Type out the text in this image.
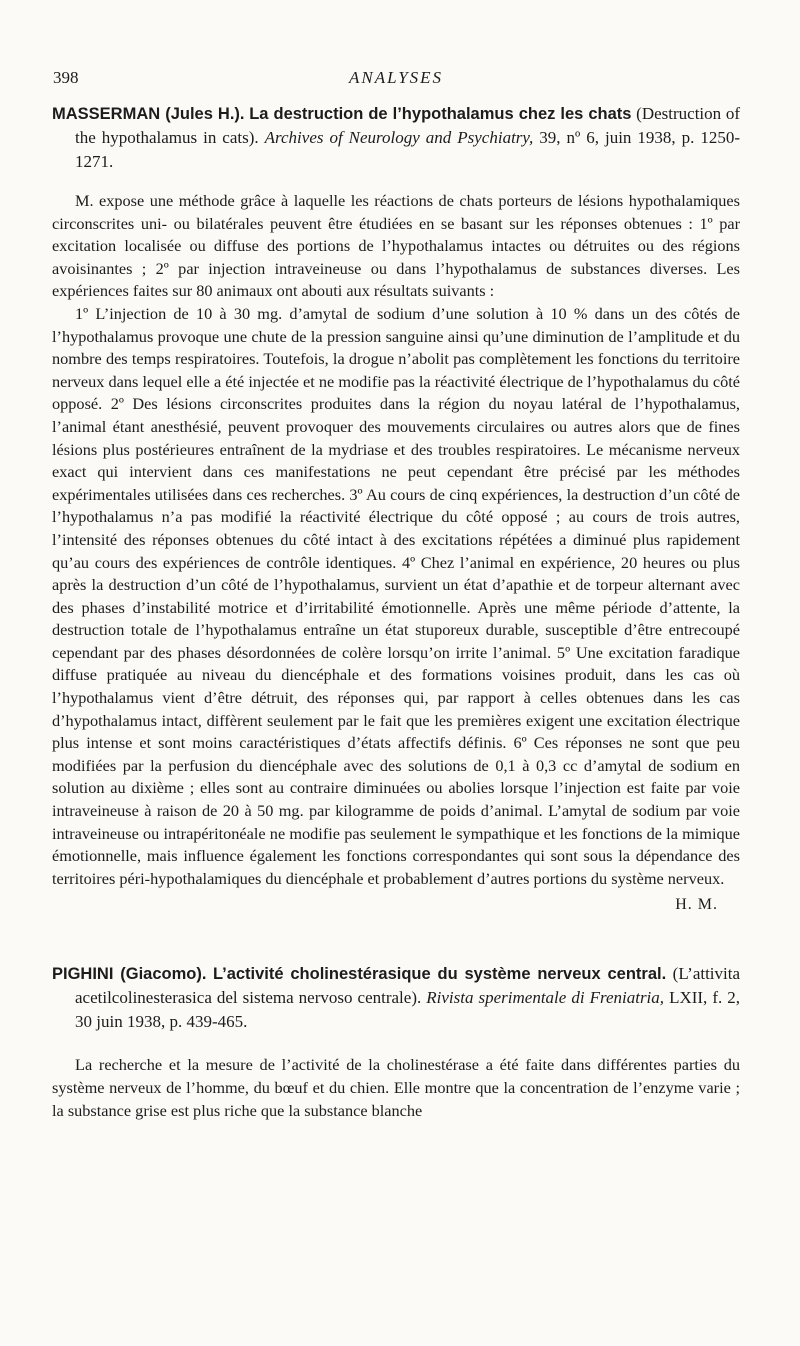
398	ANALYSES

MASSERMAN (Jules H.). La destruction de l’hypothalamus chez les chats (Destruction of the hypothalamus in cats). Archives of Neurology and Psychiatry, 39, nº 6, juin 1938, p. 1250-1271.

M. expose une méthode grâce à laquelle les réactions de chats porteurs de lésions hypothalamiques circonscrites uni- ou bilatérales peuvent être étudiées en se basant sur les réponses obtenues : 1º par excitation localisée ou diffuse des portions de l’hypothalamus intactes ou détruites ou des régions avoisinantes ; 2º par injection intraveineuse ou dans l’hypothalamus de substances diverses. Les expériences faites sur 80 animaux ont abouti aux résultats suivants :

1º L’injection de 10 à 30 mg. d’amytal de sodium d’une solution à 10 % dans un des côtés de l’hypothalamus provoque une chute de la pression sanguine ainsi qu’une diminution de l’amplitude et du nombre des temps respiratoires. Toutefois, la drogue n’abolit pas complètement les fonctions du territoire nerveux dans lequel elle a été injectée et ne modifie pas la réactivité électrique de l’hypothalamus du côté opposé. 2º Des lésions circonscrites produites dans la région du noyau latéral de l’hypothalamus, l’animal étant anesthésié, peuvent provoquer des mouvements circulaires ou autres alors que de fines lésions plus postérieures entraînent de la mydriase et des troubles respiratoires. Le mécanisme nerveux exact qui intervient dans ces manifestations ne peut cependant être précisé par les méthodes expérimentales utilisées dans ces recherches. 3º Au cours de cinq expériences, la destruction d’un côté de l’hypothalamus n’a pas modifié la réactivité électrique du côté opposé ; au cours de trois autres, l’intensité des réponses obtenues du côté intact à des excitations répétées a diminué plus rapidement qu’au cours des expériences de contrôle identiques. 4º Chez l’animal en expérience, 20 heures ou plus après la destruction d’un côté de l’hypothalamus, survient un état d’apathie et de torpeur alternant avec des phases d’instabilité motrice et d’irritabilité émotionnelle. Après une même période d’attente, la destruction totale de l’hypothalamus entraîne un état stuporeux durable, susceptible d’être entrecoupé cependant par des phases désordonnées de colère lorsqu’on irrite l’animal. 5º Une excitation faradique diffuse pratiquée au niveau du diencéphale et des formations voisines produit, dans les cas où l’hypothalamus vient d’être détruit, des réponses qui, par rapport à celles obtenues dans les cas d’hypothalamus intact, diffèrent seulement par le fait que les premières exigent une excitation électrique plus intense et sont moins caractéristiques d’états affectifs définis. 6º Ces réponses ne sont que peu modifiées par la perfusion du diencéphale avec des solutions de 0,1 à 0,3 cc d’amytal de sodium en solution au dixième ; elles sont au contraire diminuées ou abolies lorsque l’injection est faite par voie intraveineuse à raison de 20 à 50 mg. par kilogramme de poids d’animal. L’amytal de sodium par voie intraveineuse ou intrapéritonéale ne modifie pas seulement le sympathique et les fonctions de la mimique émotionnelle, mais influence également les fonctions correspondantes qui sont sous la dépendance des territoires péri-hypothalamiques du diencéphale et probablement d’autres portions du système nerveux.

H. M.

PIGHINI (Giacomo). L’activité cholinestérasique du système nerveux central. (L’attivita acetilcolinesterasica del sistema nervoso centrale). Rivista sperimentale di Freniatria, LXII, f. 2, 30 juin 1938, p. 439-465.

La recherche et la mesure de l’activité de la cholinestérase a été faite dans différentes parties du système nerveux de l’homme, du bœuf et du chien. Elle montre que la concentration de l’enzyme varie ; la substance grise est plus riche que la substance blanche
